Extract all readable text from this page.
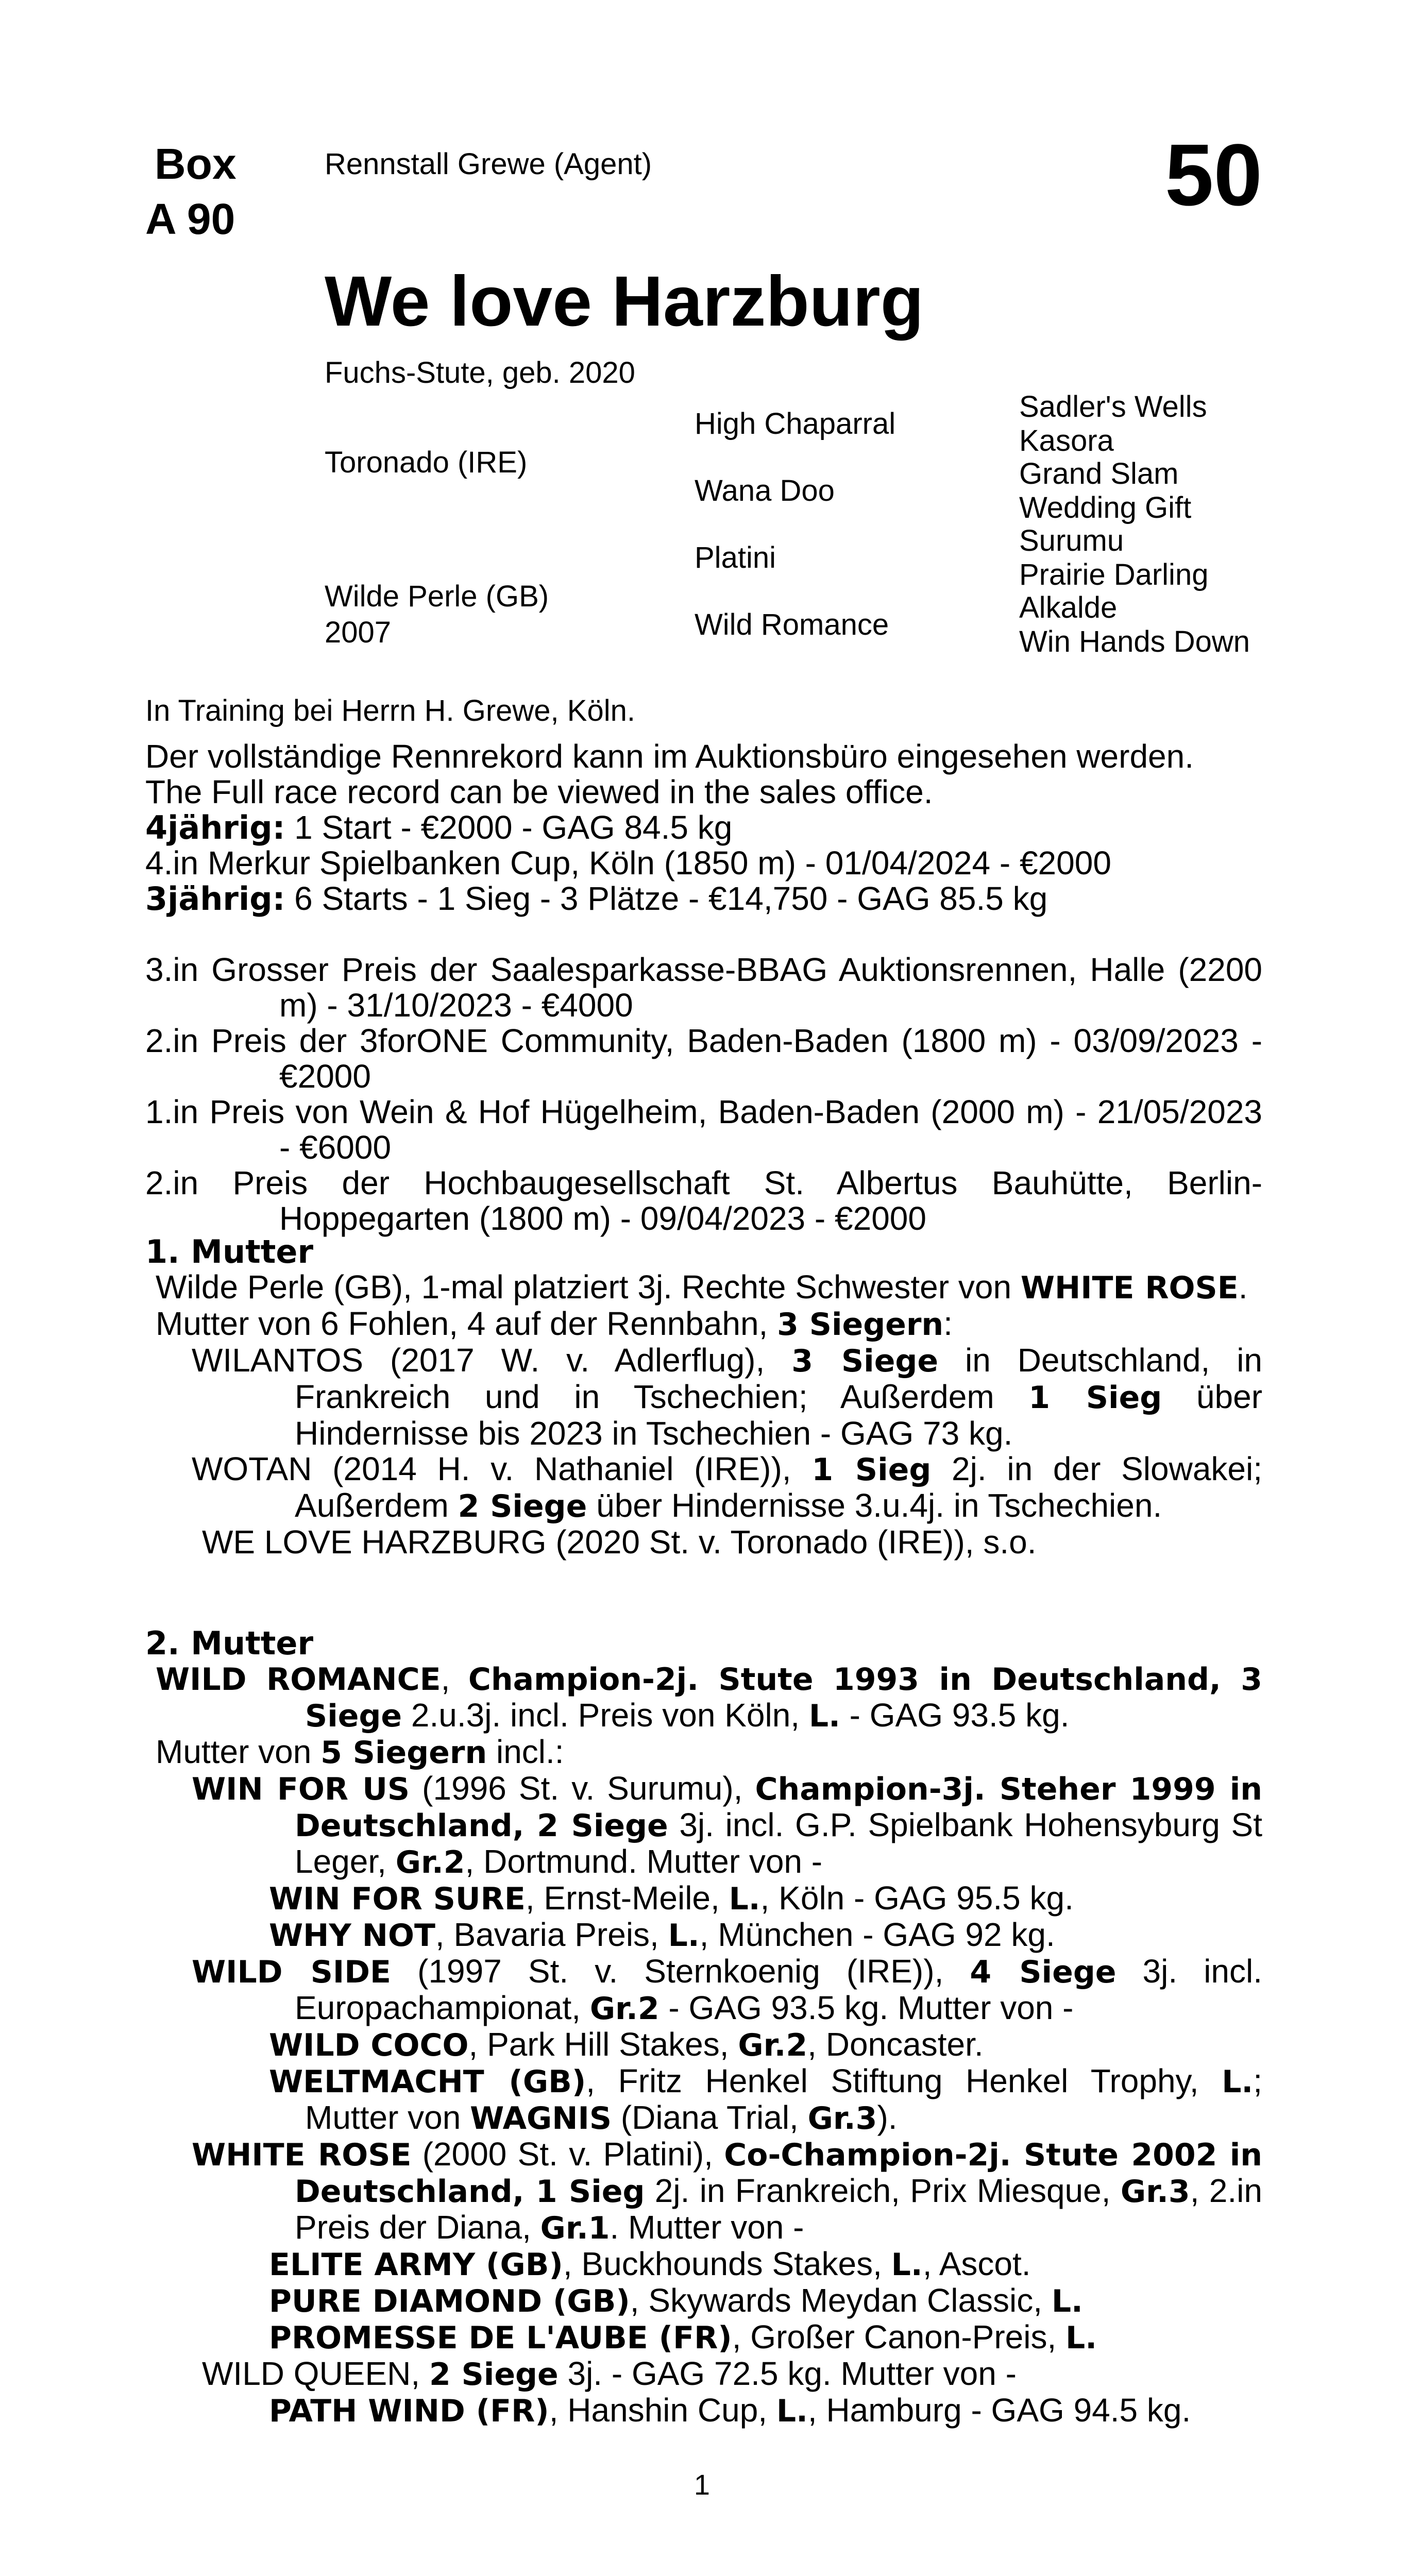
Box
A 90
Rennstall Grewe (Agent)	50
We love Harzburg
Fuchs-Stute, geb. 2020
Toronado (IRE)
Wilde Perle (GB)
2007
High Chaparral
Wana Doo
Platini
Wild Romance
Sadler's Wells
Kasora
Grand Slam
Wedding Gift
Surumu
Prairie Darling
Alkalde
Win Hands Down

In Training bei Herrn H. Grewe, Köln.

Der vollständige Rennrekord kann im Auktionsbüro eingesehen werden.

The Full race record can be viewed in the sales office.

4jährig: 1 Start - €2000 - GAG 84.5 kg

4.in Merkur Spielbanken Cup, Köln (1850 m) - 01/04/2024 - €2000

3jährig: 6 Starts - 1 Sieg - 3 Plätze - €14,750 - GAG 85.5 kg

3.in Grosser Preis der Saalesparkasse-BBAG Auktionsrennen, Halle (2200 m) - 31/10/2023 - €4000

2.in Preis der 3forONE Community, Baden-Baden (1800 m) - 03/09/2023 - €2000

1.in Preis von Wein & Hof Hügelheim, Baden-Baden (2000 m) - 21/05/2023 - €6000

2.in Preis der Hochbaugesellschaft St. Albertus Bauhütte, Berlin-Hoppegarten (1800 m) - 09/04/2023 - €2000

1. Mutter

Wilde Perle (GB), 1-mal platziert 3j. Rechte Schwester von WHITE ROSE.

Mutter von 6 Fohlen, 4 auf der Rennbahn, 3 Siegern:

WILANTOS (2017 W. v. Adlerflug), 3 Siege in Deutschland, in Frankreich und in Tschechien; Außerdem 1 Sieg über Hindernisse bis 2023 in Tschechien - GAG 73 kg.

WOTAN (2014 H. v. Nathaniel (IRE)), 1 Sieg 2j. in der Slowakei; Außerdem 2 Siege über Hindernisse 3.u.4j. in Tschechien.

WE LOVE HARZBURG (2020 St. v. Toronado (IRE)), s.o.

2. Mutter

WILD ROMANCE, Champion-2j. Stute 1993 in Deutschland, 3 Siege 2.u.3j. incl. Preis von Köln, L. - GAG 93.5 kg.

Mutter von 5 Siegern incl.:

WIN FOR US (1996 St. v. Surumu), Champion-3j. Steher 1999 in Deutschland, 2 Siege 3j. incl. G.P. Spielbank Hohensyburg St Leger, Gr.2, Dortmund. Mutter von -

WIN FOR SURE, Ernst-Meile, L., Köln - GAG 95.5 kg.

WHY NOT, Bavaria Preis, L., München - GAG 92 kg.

WILD SIDE (1997 St. v. Sternkoenig (IRE)), 4 Siege 3j. incl. Europachampionat, Gr.2 - GAG 93.5 kg. Mutter von -

WILD COCO, Park Hill Stakes, Gr.2, Doncaster.

WELTMACHT (GB), Fritz Henkel Stiftung Henkel Trophy, L.; Mutter von WAGNIS (Diana Trial, Gr.3).

WHITE ROSE (2000 St. v. Platini), Co-Champion-2j. Stute 2002 in Deutschland, 1 Sieg 2j. in Frankreich, Prix Miesque, Gr.3, 2.in Preis der Diana, Gr.1. Mutter von -

ELITE ARMY (GB), Buckhounds Stakes, L., Ascot.

PURE DIAMOND (GB), Skywards Meydan Classic, L.

PROMESSE DE L'AUBE (FR), Großer Canon-Preis, L.

WILD QUEEN, 2 Siege 3j. - GAG 72.5 kg. Mutter von -

PATH WIND (FR), Hanshin Cup, L., Hamburg - GAG 94.5 kg.

1
